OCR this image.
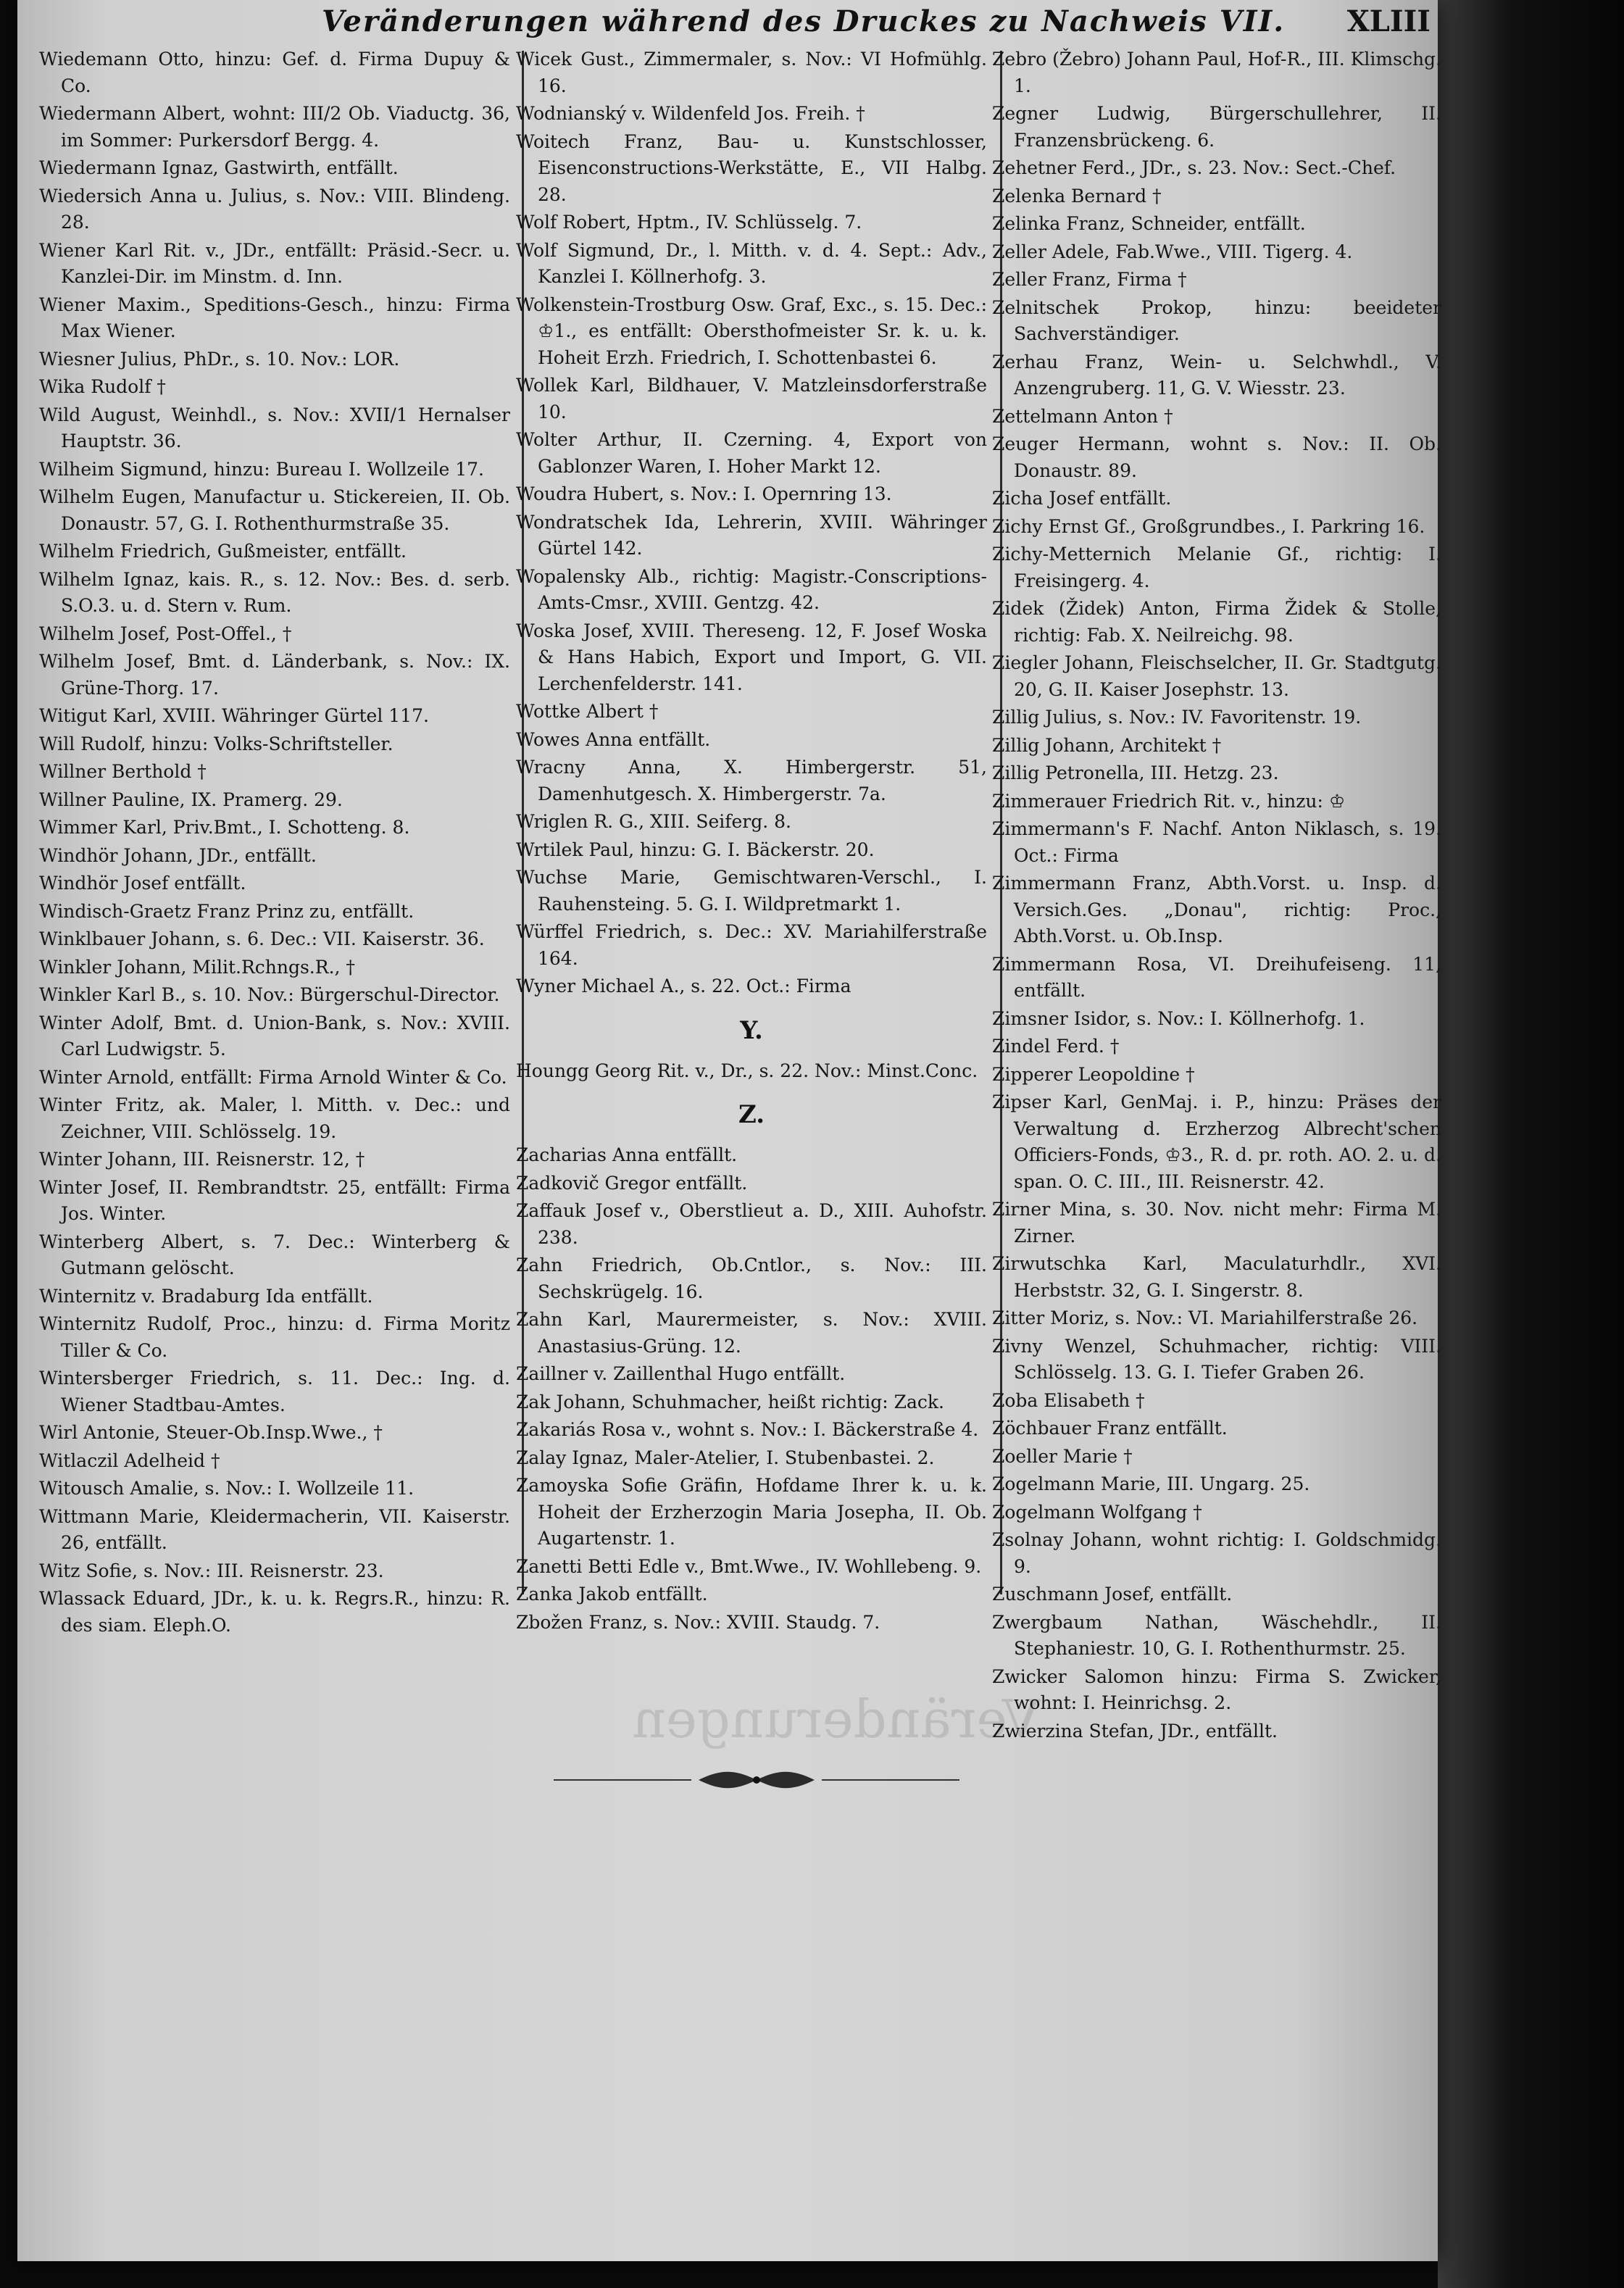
Veränderungen während des Druckes zu Nachweis VII. XLIII
Wiedemann Otto, hinzu: Gef. d. Firma Dupuy & Co.
Wiedermann Albert, wohnt: III/2 Ob. Viaductg. 36, im Sommer: Purkersdorf Bergg. 4.
Wiedermann Ignaz, Gastwirth, entfällt.
Wiedersich Anna u. Julius, s. Nov.: VIII. Blindeng. 28.
Wiener Karl Rit. v., JDr., entfällt: Präsid.-Secr. u. Kanzlei-Dir. im Minstm. d. Inn.
Wiener Maxim., Speditions-Gesch., hinzu: Firma Max Wiener.
Wiesner Julius, PhDr., s. 10. Nov.: LOR.
Wika Rudolf †
Wild August, Weinhdl., s. Nov.: XVII/1 Hernalser Hauptstr. 36.
Wilheim Sigmund, hinzu: Bureau I. Wollzeile 17.
Wilhelm Eugen, Manufactur u. Stickereien, II. Ob. Donaustr. 57, G. I. Rothenthurmstraße 35.
Wilhelm Friedrich, Gußmeister, entfällt.
Wilhelm Ignaz, kais. R., s. 12. Nov.: Bes. d. serb. S.O.3. u. d. Stern v. Rum.
Wilhelm Josef, Post-Offel., †
Wilhelm Josef, Bmt. d. Länderbank, s. Nov.: IX. Grüne-Thorg. 17.
Witigut Karl, XVIII. Währinger Gürtel 117.
Will Rudolf, hinzu: Volks-Schriftsteller.
Willner Berthold †
Willner Pauline, IX. Pramerg. 29.
Wimmer Karl, Priv.Bmt., I. Schotteng. 8.
Windhör Johann, JDr., entfällt.
Windhör Josef entfällt.
Windisch-Graetz Franz Prinz zu, entfällt.
Winklbauer Johann, s. 6. Dec.: VII. Kaiserstr. 36.
Winkler Johann, Milit.Rchngs.R., †
Winkler Karl B., s. 10. Nov.: Bürgerschul-Director.
Winter Adolf, Bmt. d. Union-Bank, s. Nov.: XVIII. Carl Ludwigstr. 5.
Winter Arnold, entfällt: Firma Arnold Winter & Co.
Winter Fritz, ak. Maler, l. Mitth. v. Dec.: und Zeichner, VIII. Schlösselg. 19.
Winter Johann, III. Reisnerstr. 12, †
Winter Josef, II. Rembrandtstr. 25, entfällt: Firma Jos. Winter.
Winterberg Albert, s. 7. Dec.: Winterberg & Gutmann gelöscht.
Winternitz v. Bradaburg Ida entfällt.
Winternitz Rudolf, Proc., hinzu: d. Firma Moritz Tiller & Co.
Wintersberger Friedrich, s. 11. Dec.: Ing. d. Wiener Stadtbau-Amtes.
Wirl Antonie, Steuer-Ob.Insp.Wwe., †
Witlaczil Adelheid †
Witousch Amalie, s. Nov.: I. Wollzeile 11.
Wittmann Marie, Kleidermacherin, VII. Kaiserstr. 26, entfällt.
Witz Sofie, s. Nov.: III. Reisnerstr. 23.
Wlassack Eduard, JDr., k. u. k. Regrs.R., hinzu: R. des siam. Eleph.O.
Wicek Gust., Zimmermaler, s. Nov.: VI Hofmühlg. 16.
Wodnianský v. Wildenfeld Jos. Freih. †
Woitech Franz, Bau- u. Kunstschlosser, Eisenconstructions-Werkstätte, E., VII Halbg. 28.
Wolf Robert, Hptm., IV. Schlüsselg. 7.
Wolf Sigmund, Dr., l. Mitth. v. d. 4. Sept.: Adv., Kanzlei I. Köllnerhofg. 3.
Wolkenstein-Trostburg Osw. Graf, Exc., s. 15. Dec.: ♔1., es entfällt: Obersthofmeister Sr. k. u. k. Hoheit Erzh. Friedrich, I. Schottenbastei 6.
Wollek Karl, Bildhauer, V. Matzleinsdorferstraße 10.
Wolter Arthur, II. Czerning. 4, Export von Gablonzer Waren, I. Hoher Markt 12.
Woudra Hubert, s. Nov.: I. Opernring 13.
Wondratschek Ida, Lehrerin, XVIII. Währinger Gürtel 142.
Wopalensky Alb., richtig: Magistr.-Conscriptions-Amts-Cmsr., XVIII. Gentzg. 42.
Woska Josef, XVIII. Thereseng. 12, F. Josef Woska & Hans Habich, Export und Import, G. VII. Lerchenfelderstr. 141.
Wottke Albert †
Wowes Anna entfällt.
Wracny Anna, X. Himbergerstr. 51, Damenhutgesch. X. Himbergerstr. 7a.
Wriglen R. G., XIII. Seiferg. 8.
Wrtilek Paul, hinzu: G. I. Bäckerstr. 20.
Wuchse Marie, Gemischtwaren-Verschl., I. Rauhensteing. 5. G. I. Wildpretmarkt 1.
Würffel Friedrich, s. Dec.: XV. Mariahilferstraße 164.
Wyner Michael A., s. 22. Oct.: Firma
Y.
Houngg Georg Rit. v., Dr., s. 22. Nov.: Minst.Conc.
Z.
Zacharias Anna entfällt.
Zadkovič Gregor entfällt.
Zaffauk Josef v., Oberstlieut a. D., XIII. Auhofstr. 238.
Zahn Friedrich, Ob.Cntlor., s. Nov.: III. Sechskrügelg. 16.
Zahn Karl, Maurermeister, s. Nov.: XVIII. Anastasius-Grüng. 12.
Zaillner v. Zaillenthal Hugo entfällt.
Zak Johann, Schuhmacher, heißt richtig: Zack.
Zakariás Rosa v., wohnt s. Nov.: I. Bäckerstraße 4.
Zalay Ignaz, Maler-Atelier, I. Stubenbastei. 2.
Zamoyska Sofie Gräfin, Hofdame Ihrer k. u. k. Hoheit der Erzherzogin Maria Josepha, II. Ob. Augartenstr. 1.
Zanetti Betti Edle v., Bmt.Wwe., IV. Wohllebeng. 9.
Zanka Jakob entfällt.
Zbožen Franz, s. Nov.: XVIII. Staudg. 7.
Zebro (Žebro) Johann Paul, Hof-R., III. Klimschg. 1.
Zegner Ludwig, Bürgerschullehrer, II. Franzensbrückeng. 6.
Zehetner Ferd., JDr., s. 23. Nov.: Sect.-Chef.
Zelenka Bernard †
Zelinka Franz, Schneider, entfällt.
Zeller Adele, Fab.Wwe., VIII. Tigerg. 4.
Zeller Franz, Firma †
Zelnitschek Prokop, hinzu: beeideter Sachverständiger.
Zerhau Franz, Wein- u. Selchwhdl., V. Anzengruberg. 11, G. V. Wiesstr. 23.
Zettelmann Anton †
Zeuger Hermann, wohnt s. Nov.: II. Ob. Donaustr. 89.
Zicha Josef entfällt.
Zichy Ernst Gf., Großgrundbes., I. Parkring 16.
Zichy-Metternich Melanie Gf., richtig: I. Freisingerg. 4.
Zidek (Židek) Anton, Firma Židek & Stolle, richtig: Fab. X. Neilreichg. 98.
Ziegler Johann, Fleischselcher, II. Gr. Stadtgutg. 20, G. II. Kaiser Josephstr. 13.
Zillig Julius, s. Nov.: IV. Favoritenstr. 19.
Zillig Johann, Architekt †
Zillig Petronella, III. Hetzg. 23.
Zimmerauer Friedrich Rit. v., hinzu: ♔
Zimmermann's F. Nachf. Anton Niklasch, s. 19. Oct.: Firma
Zimmermann Franz, Abth.Vorst. u. Insp. d. Versich.Ges. „Donau", richtig: Proc., Abth.Vorst. u. Ob.Insp.
Zimmermann Rosa, VI. Dreihufeiseng. 11, entfällt.
Zimsner Isidor, s. Nov.: I. Köllnerhofg. 1.
Zindel Ferd. †
Zipperer Leopoldine †
Zipser Karl, GenMaj. i. P., hinzu: Präses der Verwaltung d. Erzherzog Albrecht'schen Officiers-Fonds, ♔3., R. d. pr. roth. AO. 2. u. d. span. O. C. III., III. Reisnerstr. 42.
Zirner Mina, s. 30. Nov. nicht mehr: Firma M. Zirner.
Zirwutschka Karl, Maculaturhdlr., XVI. Herbststr. 32, G. I. Singerstr. 8.
Zitter Moriz, s. Nov.: VI. Mariahilferstraße 26.
Zivny Wenzel, Schuhmacher, richtig: VIII. Schlösselg. 13. G. I. Tiefer Graben 26.
Zoba Elisabeth †
Zöchbauer Franz entfällt.
Zoeller Marie †
Zogelmann Marie, III. Ungarg. 25.
Zogelmann Wolfgang †
Zsolnay Johann, wohnt richtig: I. Goldschmidg. 9.
Zuschmann Josef, entfällt.
Zwergbaum Nathan, Wäschehdlr., II. Stephaniestr. 10, G. I. Rothenthurmstr. 25.
Zwicker Salomon hinzu: Firma S. Zwicker, wohnt: I. Heinrichsg. 2.
Zwierzina Stefan, JDr., entfällt.
Veränderungen
